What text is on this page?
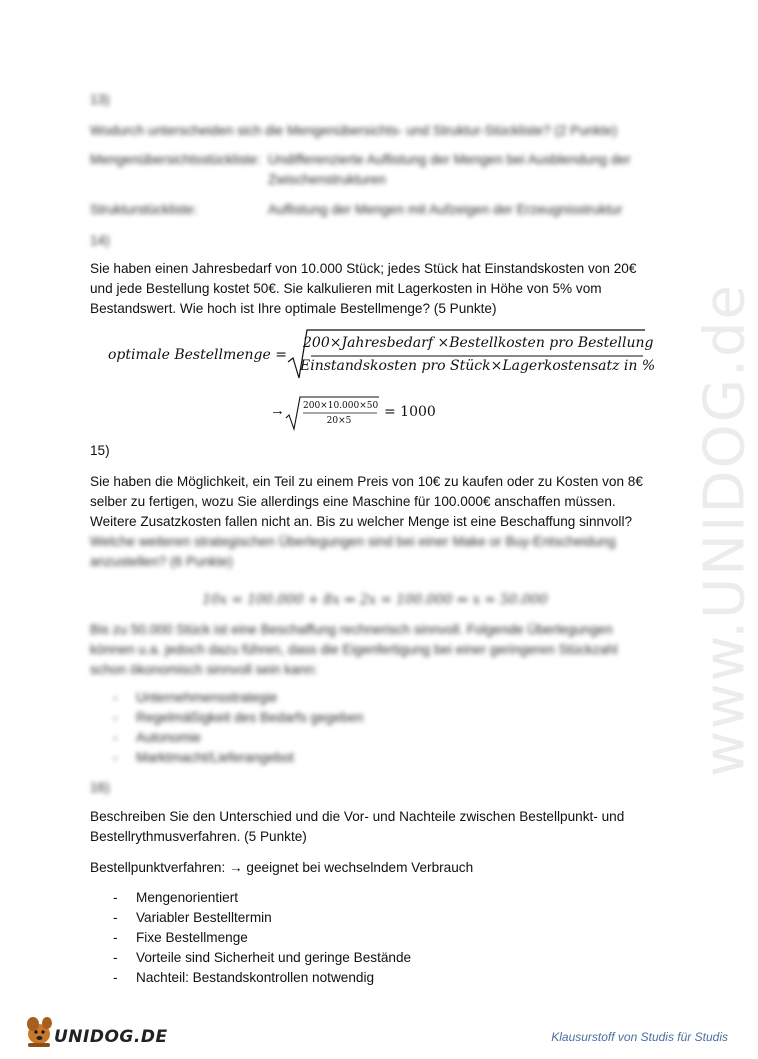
www.UNIDOG.de
13)
Wodurch unterscheiden sich die Mengenübersichts- und Struktur-Stückliste? (2 Punkte)
Mengenübersichtsstückliste: Undifferenzierte Auflistung der Mengen bei Ausblendung der
Zwischenstrukturen
Strukturstückliste:	Auflistung der Mengen mit Aufzeigen der Erzeugnisstruktur
14)
Sie haben einen Jahresbedarf von 10.000 Stück; jedes Stück hat Einstandskosten von 20€
und jede Bestellung kostet 50€. Sie kalkulieren mit Lagerkosten in Höhe von 5% vom
Bestandswert. Wie hoch ist Ihre optimale Bestellmenge? (5 Punkte)
optimale Bestellmenge =
200×Jahresbedarf ×Bestellkosten pro Bestellung
Einstandskosten pro Stück×Lagerkostensatz in %
→ 200×10.000×50
20×5
= 1000
15)
Sie haben die Möglichkeit, ein Teil zu einem Preis von 10€ zu kaufen oder zu Kosten von 8€
selber zu fertigen, wozu Sie allerdings eine Maschine für 100.000€ anschaffen müssen.
Weitere Zusatzkosten fallen nicht an. Bis zu welcher Menge ist eine Beschaffung sinnvoll?
Welche weiteren strategischen Überlegungen sind bei einer Make or Buy-Entscheidung
anzustellen? (6 Punkte)
10x = 100.000 + 8x ⇔ 2x = 100.000 ⇔ x = 50.000
Bis zu 50.000 Stück ist eine Beschaffung rechnerisch sinnvoll. Folgende Überlegungen
können u.a. jedoch dazu führen, dass die Eigenfertigung bei einer geringeren Stückzahl
schon ökonomisch sinnvoll sein kann:
- Unternehmensstrategie
- Regelmäßigkeit des Bedarfs gegeben
- Autonomie
- Marktmacht/Lieferangebot
16)
Beschreiben Sie den Unterschied und die Vor- und Nachteile zwischen Bestellpunkt- und
Bestellrythmusverfahren. (5 Punkte)
Bestellpunktverfahren: → geeignet bei wechselndem Verbrauch
- Mengenorientiert
- Variabler Bestelltermin
- Fixe Bestellmenge
- Vorteile sind Sicherheit und geringe Bestände
- Nachteil: Bestandskontrollen notwendig
UNIDOG.DE	Klausurstoff von Studis für Studis
